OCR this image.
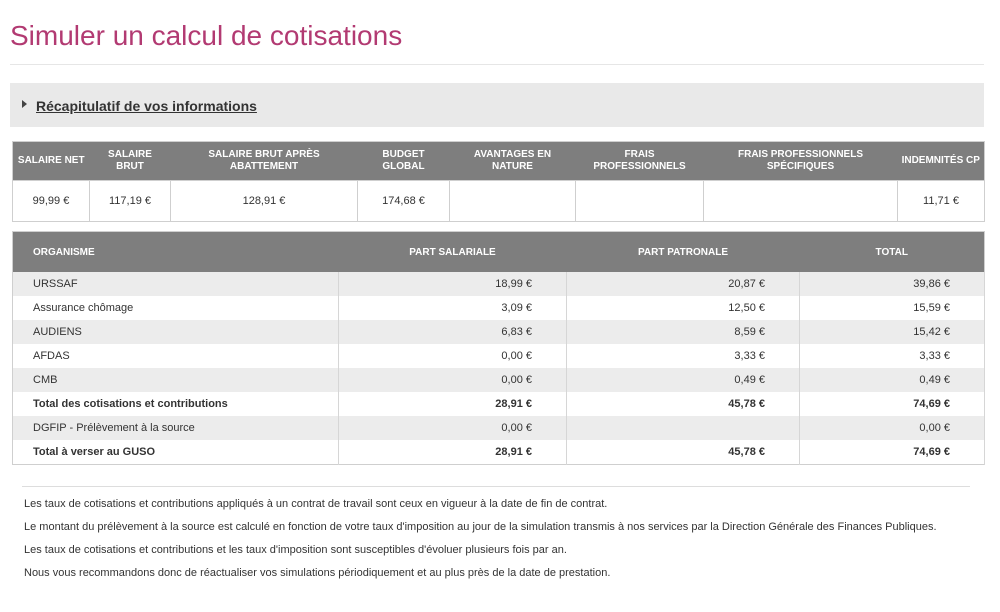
Simuler un calcul de cotisations
Récapitulatif de vos informations
SALAIRE NET	SALAIRE BRUT	SALAIRE BRUT APRÈS ABATTEMENT	BUDGET GLOBAL	AVANTAGES EN NATURE	FRAIS PROFESSIONNELS	FRAIS PROFESSIONNELS SPÉCIFIQUES	INDEMNITÉS CP
99,99 €	117,19 €	128,91 €	174,68 €				11,71 €
ORGANISME	PART SALARIALE	PART PATRONALE	TOTAL
URSSAF	18,99 €	20,87 €	39,86 €
Assurance chômage	3,09 €	12,50 €	15,59 €
AUDIENS	6,83 €	8,59 €	15,42 €
AFDAS	0,00 €	3,33 €	3,33 €
CMB	0,00 €	0,49 €	0,49 €
Total des cotisations et contributions	28,91 €	45,78 €	74,69 €
DGFIP - Prélèvement à la source	0,00 €		0,00 €
Total à verser au GUSO	28,91 €	45,78 €	74,69 €

Les taux de cotisations et contributions appliqués à un contrat de travail sont ceux en vigueur à la date de fin de contrat.

Le montant du prélèvement à la source est calculé en fonction de votre taux d'imposition au jour de la simulation transmis à nos services par la Direction Générale des Finances Publiques.

Les taux de cotisations et contributions et les taux d'imposition sont susceptibles d'évoluer plusieurs fois par an.

Nous vous recommandons donc de réactualiser vos simulations périodiquement et au plus près de la date de prestation.
